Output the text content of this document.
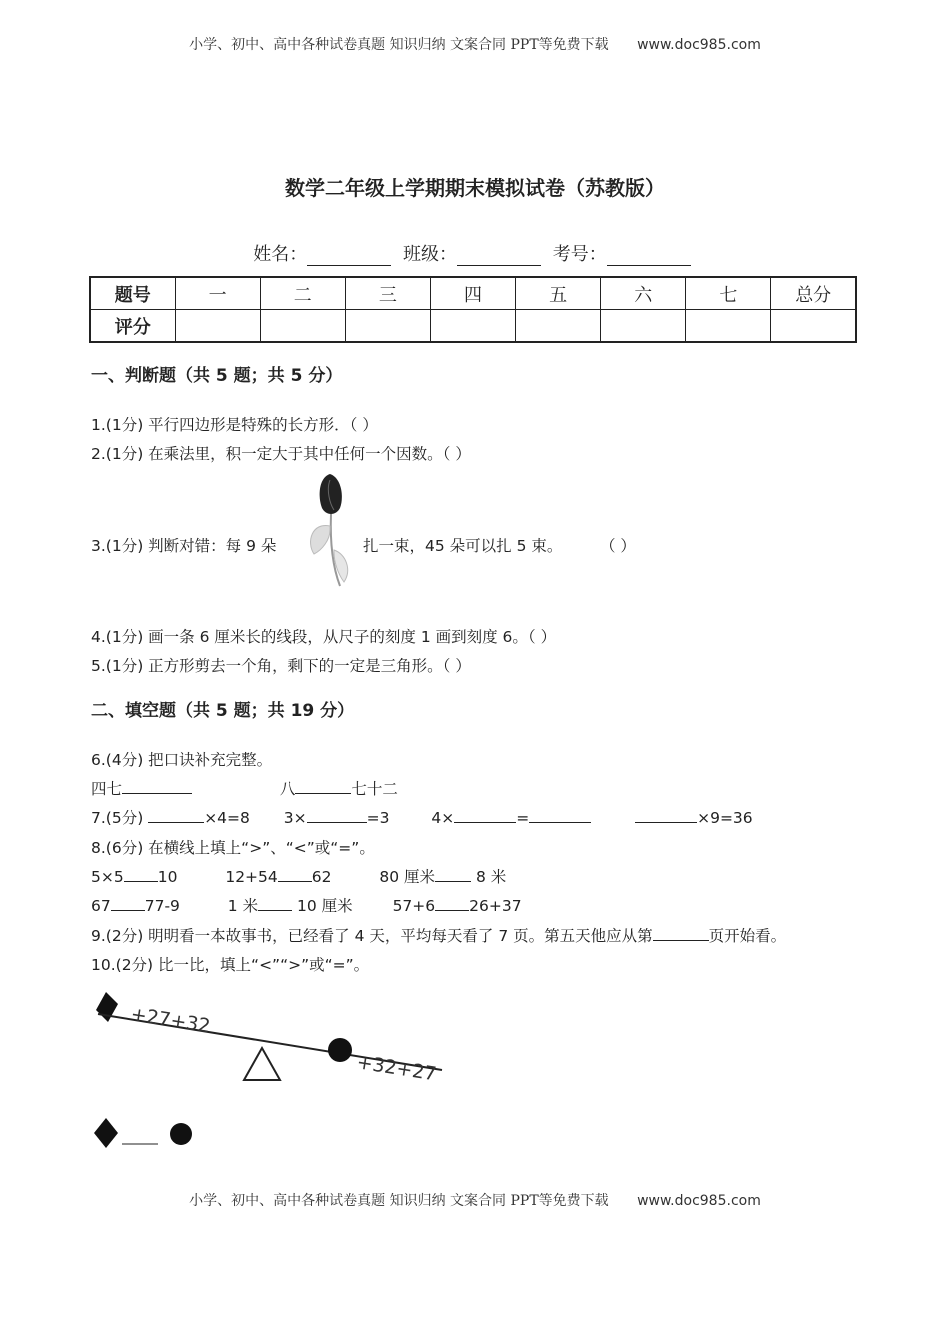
小学、初中、高中各种试卷真题 知识归纳 文案合同 PPT等免费下载 www.doc985.com
数学二年级上学期期末模拟试卷（苏教版）
姓名：	班级：	考号：
题号	一	二	三	四	五	六	七	总分
评分								
一、判断题（共 5 题；共 5 分）
1.(1分) 平行四边形是特殊的长方形．（ ）
2.(1分) 在乘法里，积一定大于其中任何一个因数。（ ）
3.(1分) 判断对错：每 9 朵	扎一束，45 朵可以扎 5 束。 （ ）
4.(1分) 画一条 6 厘米长的线段，从尺子的刻度 1 画到刻度 6。（ ）
5.(1分) 正方形剪去一个角，剩下的一定是三角形。（ ）
二、填空题（共 5 题；共 19 分）
6.(4分) 把口诀补充完整。
四七	八	七十二
7.(5分)	×4=8 3×	=3	4×	=	×9=36
8.(6分) 在横线上填上“>”、“<”或“=”。
5×5 10	12+54 62	80 厘米	8 米
67 77-9	1 米	10 厘米	57+6 26+37
9.(2分) 明明看一本故事书，已经看了 4 天，平均每天看了 7 页。第五天他应从第	页开始看。
10.(2分) 比一比，填上“<”“>”或“=”。
+27+32
+32+27
小学、初中、高中各种试卷真题 知识归纳 文案合同 PPT等免费下载 www.doc985.com
